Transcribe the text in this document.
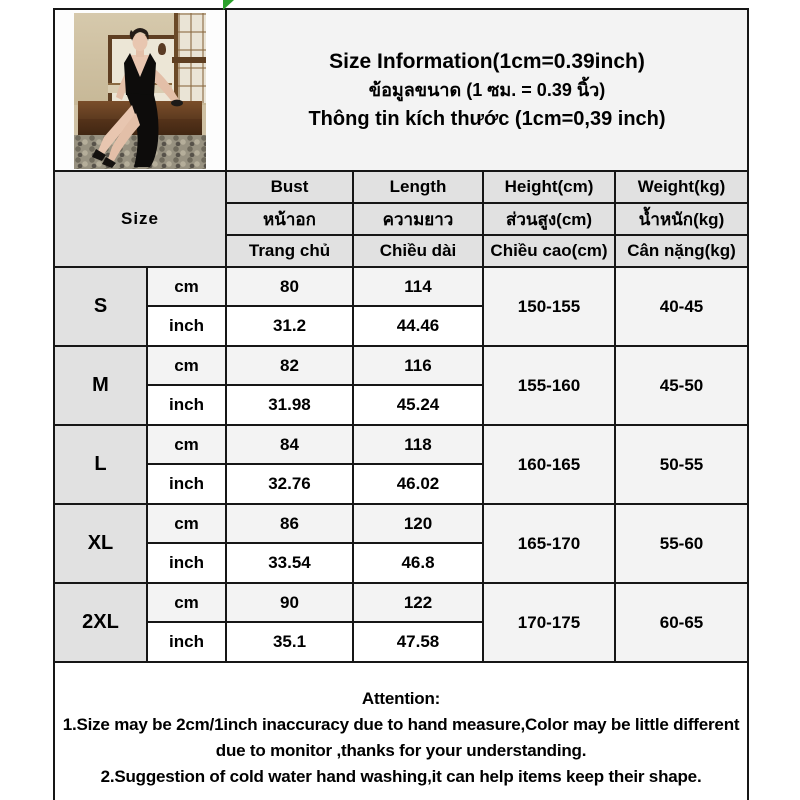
Size Information(1cm=0.39inch)
ข้อมูลขนาด (1 ซม. = 0.39 นิ้ว)
Thông tin kích thước (1cm=0,39 inch)			

Size		Bust	Length	Height(cm)	Weight(kg)
		หน้าอก	ความยาว	ส่วนสูง(cm)	น้ำหนัก(kg)
		Trang chủ	Chiều dài	Chiều cao(cm)	Cân nặng(kg)
S	cm	80	114	150-155	40-45
	inch	31.2	44.46		
M	cm	82	116	155-160	45-50
	inch	31.98	45.24		
L	cm	84	118	160-165	50-55
	inch	32.76	46.02		
XL	cm	86	120	165-170	55-60
	inch	33.54	46.8		
2XL	cm	90	122	170-175	60-65
	inch	35.1	47.58		

Attention:
1.Size may be 2cm/1inch inaccuracy due to hand measure,Color may be little different due to monitor ,thanks for your understanding.
2.Suggestion of cold water hand washing,it can help items keep their shape.					
